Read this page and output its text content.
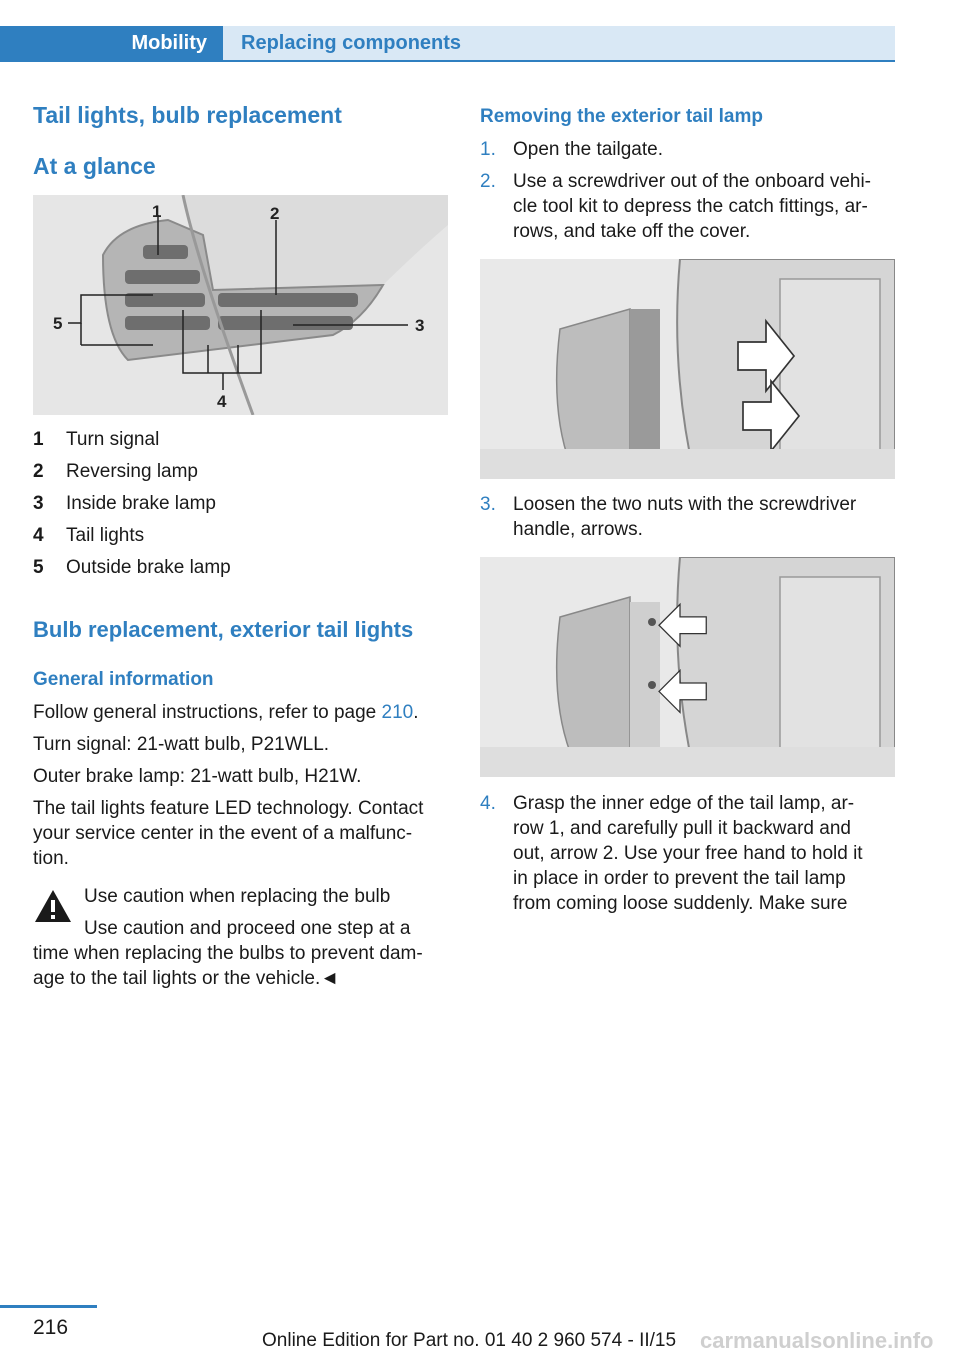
Mobility	Replacing components
Tail lights, bulb replacement
At a glance
1	2
3
4
5
1 Turn signal
2 Reversing lamp
3 Inside brake lamp
4 Tail lights
5 Outside brake lamp
Bulb replacement, exterior tail lights
General information
Follow general instructions, refer to page 210.
Turn signal: 21-watt bulb, P21WLL.
Outer brake lamp: 21-watt bulb, H21W.
The tail lights feature LED technology. Contact
your service center in the event of a malfunc-
tion.
Use caution when replacing the bulb
Use caution and proceed one step at a
time when replacing the bulbs to prevent dam-
age to the tail lights or the vehicle.◄
Removing the exterior tail lamp
1. Open the tailgate.
2. Use a screwdriver out of the onboard vehi-
cle tool kit to depress the catch fittings, ar-
rows, and take off the cover.
3. Loosen the two nuts with the screwdriver
handle, arrows.
4. Grasp the inner edge of the tail lamp, ar-
row 1, and carefully pull it backward and
out, arrow 2. Use your free hand to hold it
in place in order to prevent the tail lamp
from coming loose suddenly. Make sure
216
Online Edition for Part no. 01 40 2 960 574 - II/15 carmanualsonline.info
